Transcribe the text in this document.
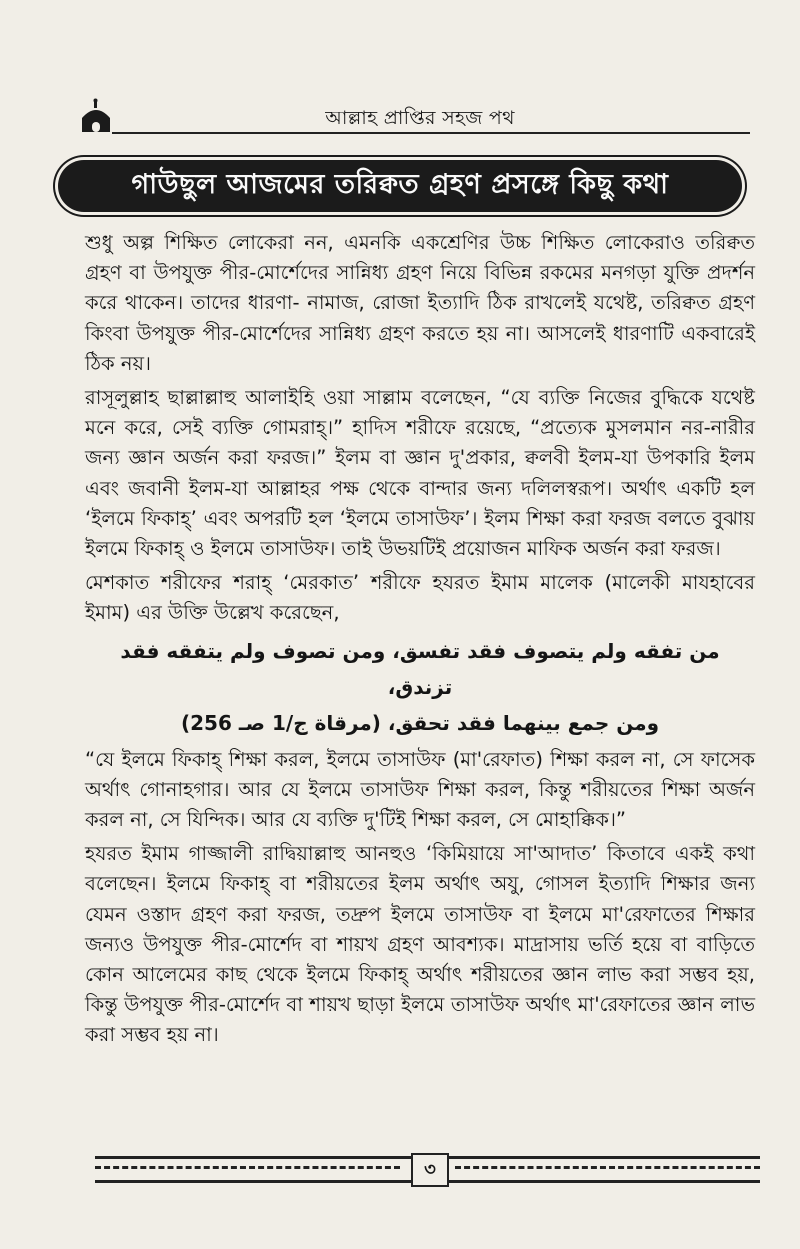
আল্লাহ প্রাপ্তির সহজ পথ
গাউছুল আজমের তরিক্বত গ্রহণ প্রসঙ্গে কিছু কথা

শুধু অল্প শিক্ষিত লোকেরা নন, এমনকি একশ্রেণির উচ্চ শিক্ষিত লোকেরাও তরিক্বত গ্রহণ বা উপযুক্ত পীর-মোর্শেদের সান্নিধ্য গ্রহণ নিয়ে বিভিন্ন রকমের মনগড়া যুক্তি প্রদর্শন করে থাকেন। তাদের ধারণা- নামাজ, রোজা ইত্যাদি ঠিক রাখলেই যথেষ্ট, তরিক্বত গ্রহণ কিংবা উপযুক্ত পীর-মোর্শেদের সান্নিধ্য গ্রহণ করতে হয় না। আসলেই ধারণাটি একবারেই ঠিক নয়।

রাসূলুল্লাহ ছাল্লাল্লাহু আলাইহি ওয়া সাল্লাম বলেছেন, “যে ব্যক্তি নিজের বুদ্ধিকে যথেষ্ট মনে করে, সেই ব্যক্তি গোমরাহ্।” হাদিস শরীফে রয়েছে, “প্রত্যেক মুসলমান নর-নারীর জন্য জ্ঞান অর্জন করা ফরজ।” ইলম বা জ্ঞান দু'প্রকার, ক্বলবী ইলম-যা উপকারি ইলম এবং জবানী ইলম-যা আল্লাহর পক্ষ থেকে বান্দার জন্য দলিলস্বরূপ। অর্থাৎ একটি হল ‘ইলমে ফিকাহ্’ এবং অপরটি হল ‘ইলমে তাসাউফ’। ইলম শিক্ষা করা ফরজ বলতে বুঝায় ইলমে ফিকাহ্ ও ইলমে তাসাউফ। তাই উভয়টিই প্রয়োজন মাফিক অর্জন করা ফরজ।

মেশকাত শরীফের শরাহ্ ‘মেরকাত’ শরীফে হযরত ইমাম মালেক (মালেকী মাযহাবের ইমাম) এর উক্তি উল্লেখ করেছেন,

من تفقه ولم يتصوف فقد تفسق، ومن تصوف ولم يتفقه فقد تزندق،
ومن جمع بينهما فقد تحقق، (مرقاة ج/1 صـ 256)

“যে ইলমে ফিকাহ্ শিক্ষা করল, ইলমে তাসাউফ (মা'রেফাত) শিক্ষা করল না, সে ফাসেক অর্থাৎ গোনাহগার। আর যে ইলমে তাসাউফ শিক্ষা করল, কিন্তু শরীয়তের শিক্ষা অর্জন করল না, সে যিন্দিক। আর যে ব্যক্তি দু'টিই শিক্ষা করল, সে মোহাক্কিক।”

হযরত ইমাম গাজ্জালী রাদ্বিয়াল্লাহু আনহুও ‘কিমিয়ায়ে সা'আদাত’ কিতাবে একই কথা বলেছেন। ইলমে ফিকাহ্ বা শরীয়তের ইলম অর্থাৎ অযু, গোসল ইত্যাদি শিক্ষার জন্য যেমন ওস্তাদ গ্রহণ করা ফরজ, তদ্রুপ ইলমে তাসাউফ বা ইলমে মা'রেফাতের শিক্ষার জন্যও উপযুক্ত পীর-মোর্শেদ বা শায়খ গ্রহণ আবশ্যক। মাদ্রাসায় ভর্তি হয়ে বা বাড়িতে কোন আলেমের কাছ থেকে ইলমে ফিকাহ্ অর্থাৎ শরীয়তের জ্ঞান লাভ করা সম্ভব হয়, কিন্তু উপযুক্ত পীর-মোর্শেদ বা শায়খ ছাড়া ইলমে তাসাউফ অর্থাৎ মা'রেফাতের জ্ঞান লাভ করা সম্ভব হয় না।

৩
